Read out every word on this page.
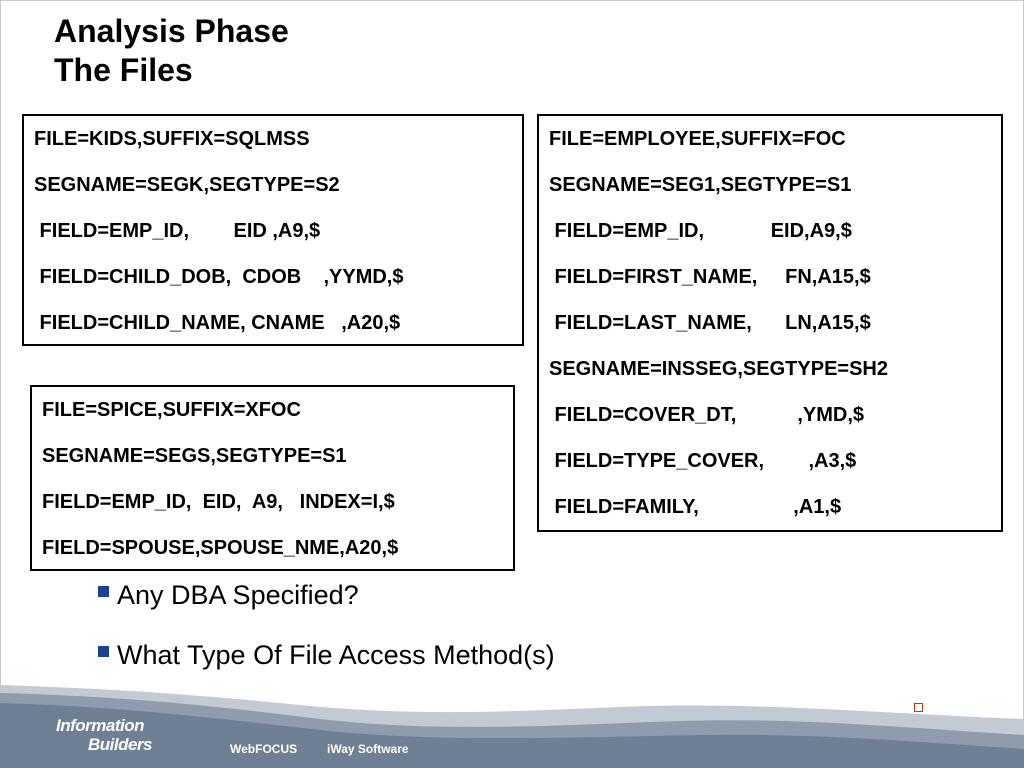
Analysis Phase
The Files
FILE=KIDS,SUFFIX=SQLMSS
SEGNAME=SEGK,SEGTYPE=S2
FIELD=EMP_ID,        EID ,A9,$
FIELD=CHILD_DOB,  CDOB    ,YYMD,$
FIELD=CHILD_NAME, CNAME   ,A20,$
FILE=EMPLOYEE,SUFFIX=FOC
SEGNAME=SEG1,SEGTYPE=S1
FIELD=EMP_ID,            EID,A9,$
FIELD=FIRST_NAME,     FN,A15,$
FIELD=LAST_NAME,      LN,A15,$
SEGNAME=INSSEG,SEGTYPE=SH2
FIELD=COVER_DT,           ,YMD,$
FIELD=TYPE_COVER,        ,A3,$
FIELD=FAMILY,                 ,A1,$
FILE=SPICE,SUFFIX=XFOC
SEGNAME=SEGS,SEGTYPE=S1
FIELD=EMP_ID,  EID,  A9,   INDEX=I,$
FIELD=SPOUSE,SPOUSE_NME,A20,$
Any DBA Specified?
What Type Of File Access Method(s)
Information
Builders	WebFOCUS iWay Software
